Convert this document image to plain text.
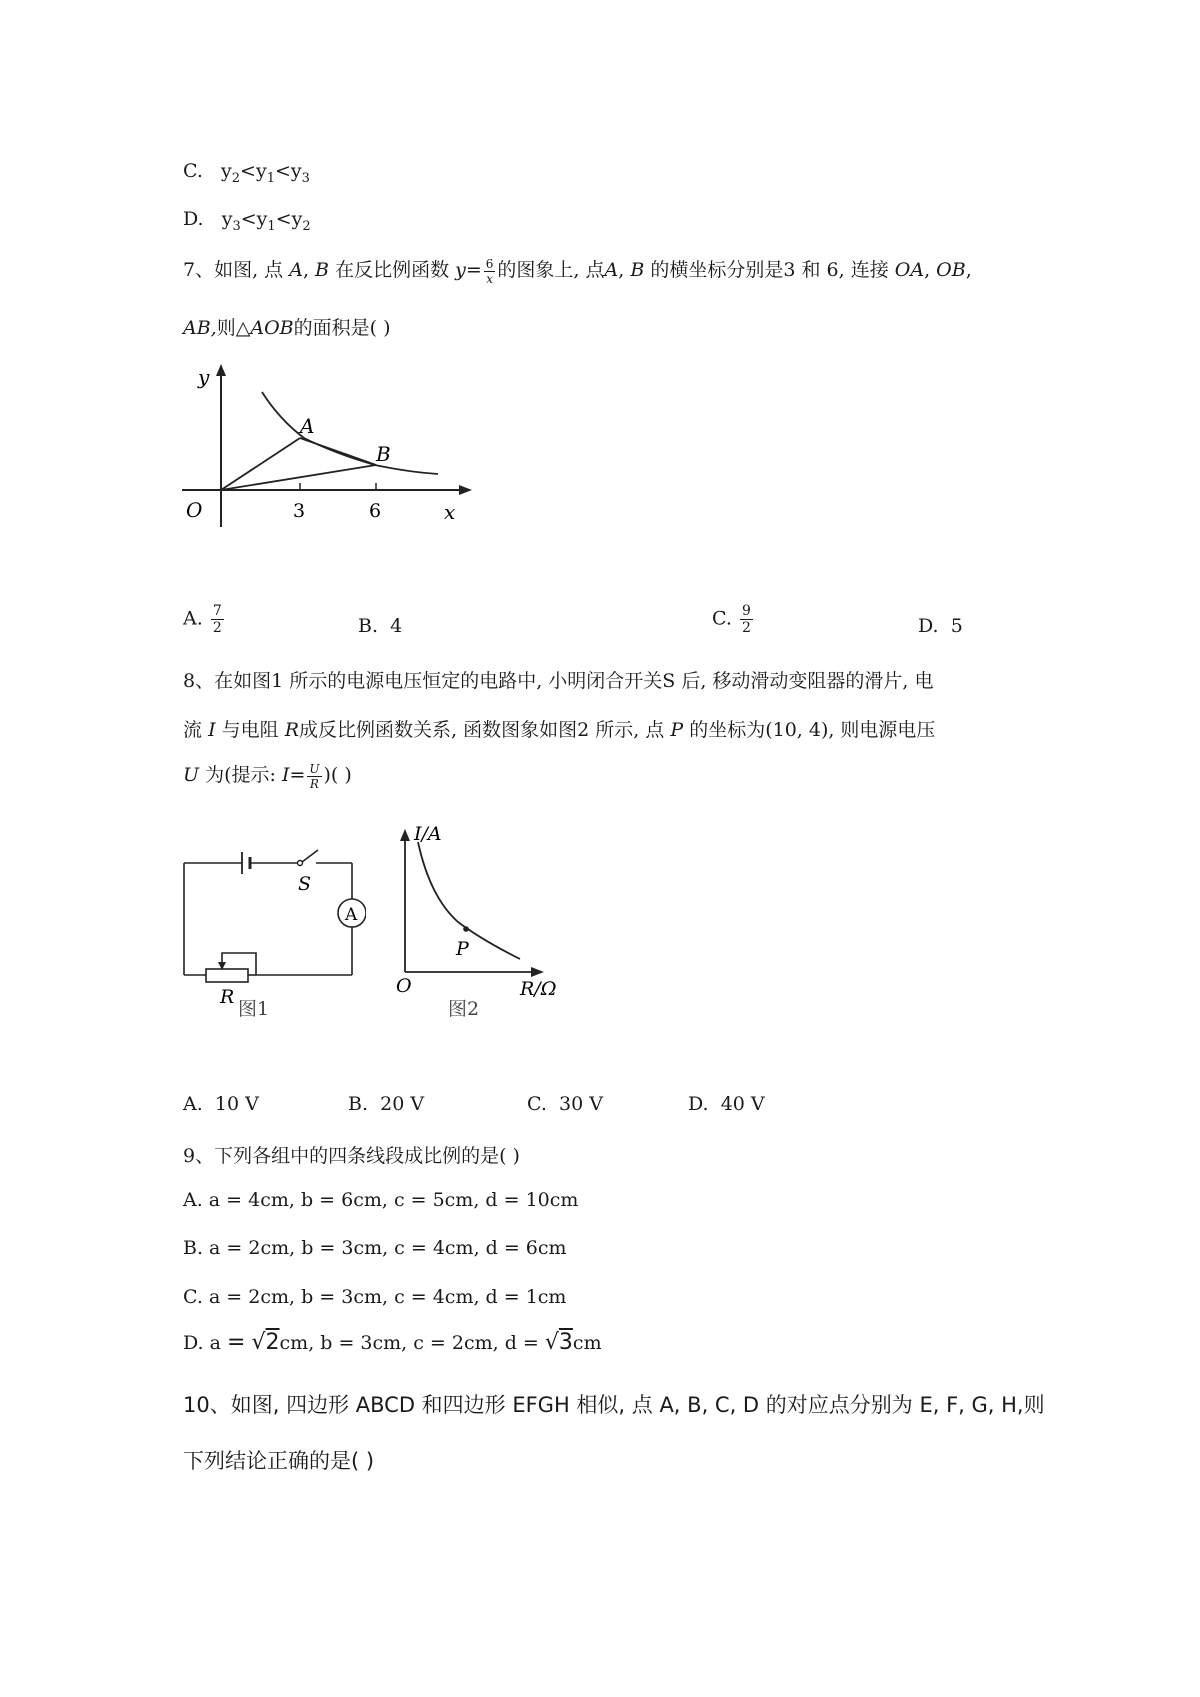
C. $y_2<y_1<y_3$
D. $y_3<y_1<y_2$
7、如图, 点 A, B 在反比例函数 $y= \frac{6}{x}$ 的图象上, 点A, B 的横坐标分别是3 和 6, 连接 OA, OB,
AB,则△AOB的面积是( )
y
x
O
A
B
3	6
A. $\frac{7}{2}$	B. 4	C. $\frac{9}{2}$	D. 5
8、在如图1 所示的电源电压恒定的电路中, 小明闭合开关S 后, 移动滑动变阻器的滑片, 电
流 I 与电阻 R成反比例函数关系, 函数图象如图2 所示, 点 P 的坐标为(10, 4), 则电源电压
U 为(提示: $I= \frac{U}{R}$ )( )
S
A
R
图1
I/A
R/Ω
O
P
图2
A. 10 V	B. 20 V	C. 30 V	D. 40 V
9、下列各组中的四条线段成比例的是( )
A. a = 4cm, b = 6cm, c = 5cm, d = 10cm
B. a = 2cm, b = 3cm, c = 4cm, d = 6cm
C. a = 2cm, b = 3cm, c = 4cm, d = 1cm
D. a = √2cm, b = 3cm, c = 2cm, d = √3cm
10、如图, 四边形 ABCD 和四边形 EFGH 相似, 点 A, B, C, D 的对应点分别为 E, F, G, H,则
下列结论正确的是( )
